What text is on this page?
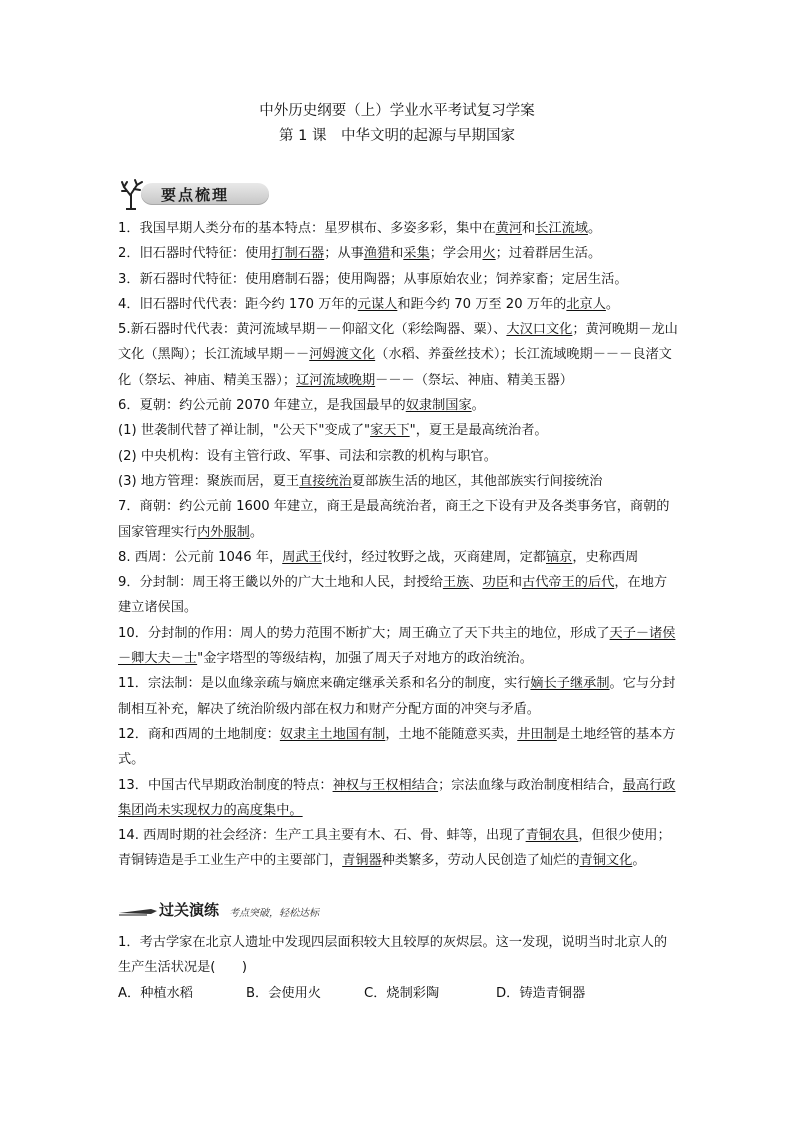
中外历史纲要（上）学业水平考试复习学案
第 1 课　中华文明的起源与早期国家
要点梳理

1．我国早期人类分布的基本特点：星罗棋布、多姿多彩，集中在黄河和长江流域。

2．旧石器时代特征：使用打制石器；从事渔猎和采集；学会用火；过着群居生活。

3．新石器时代特征：使用磨制石器；使用陶器；从事原始农业；饲养家畜；定居生活。

4．旧石器时代代表：距今约 170 万年的元谋人和距今约 70 万至 20 万年的北京人。

5.新石器时代代表：黄河流域早期－－仰韶文化（彩绘陶器、粟）、大汉口文化；黄河晚期－龙山文化（黑陶）；长江流域早期－－河姆渡文化（水稻、养蚕丝技术）；长江流域晚期－－－良渚文化（祭坛、神庙、精美玉器）；辽河流域晚期－－－（祭坛、神庙、精美玉器）

6．夏朝：约公元前 2070 年建立，是我国最早的奴隶制国家。

(1) 世袭制代替了禅让制，"公天下"变成了"家天下"，夏王是最高统治者。

(2) 中央机构：设有主管行政、军事、司法和宗教的机构与职官。

(3) 地方管理：聚族而居，夏王直接统治夏部族生活的地区，其他部族实行间接统治

7．商朝：约公元前 1600 年建立，商王是最高统治者，商王之下设有尹及各类事务官，商朝的国家管理实行内外服制。

8. 西周：公元前 1046 年，周武王伐纣，经过牧野之战，灭商建周，定都镐京，史称西周

9．分封制：周王将王畿以外的广大土地和人民，封授给王族、功臣和古代帝王的后代，在地方建立诸侯国。

10．分封制的作用：周人的势力范围不断扩大；周王确立了天下共主的地位，形成了天子－诸侯－卿大夫－士"金字塔型的等级结构，加强了周天子对地方的政治统治。

11．宗法制：是以血缘亲疏与嫡庶来确定继承关系和名分的制度，实行嫡长子继承制。它与分封制相互补充，解决了统治阶级内部在权力和财产分配方面的冲突与矛盾。

12．商和西周的土地制度：奴隶主土地国有制，土地不能随意买卖，井田制是土地经管的基本方式。

13．中国古代早期政治制度的特点：神权与王权相结合；宗法血缘与政治制度相结合，最高行政集团尚未实现权力的高度集中。

14. 西周时期的社会经济：生产工具主要有木、石、骨、蚌等，出现了青铜农具，但很少使用；青铜铸造是手工业生产中的主要部门，青铜器种类繁多，劳动人民创造了灿烂的青铜文化。

过关演练 考点突破，轻松达标

1．考古学家在北京人遗址中发现四层面积较大且较厚的灰烬层。这一发现，说明当时北京人的生产生活状况是(　　)

A．种植水稻	B．会使用火	C．烧制彩陶	D．铸造青铜器
